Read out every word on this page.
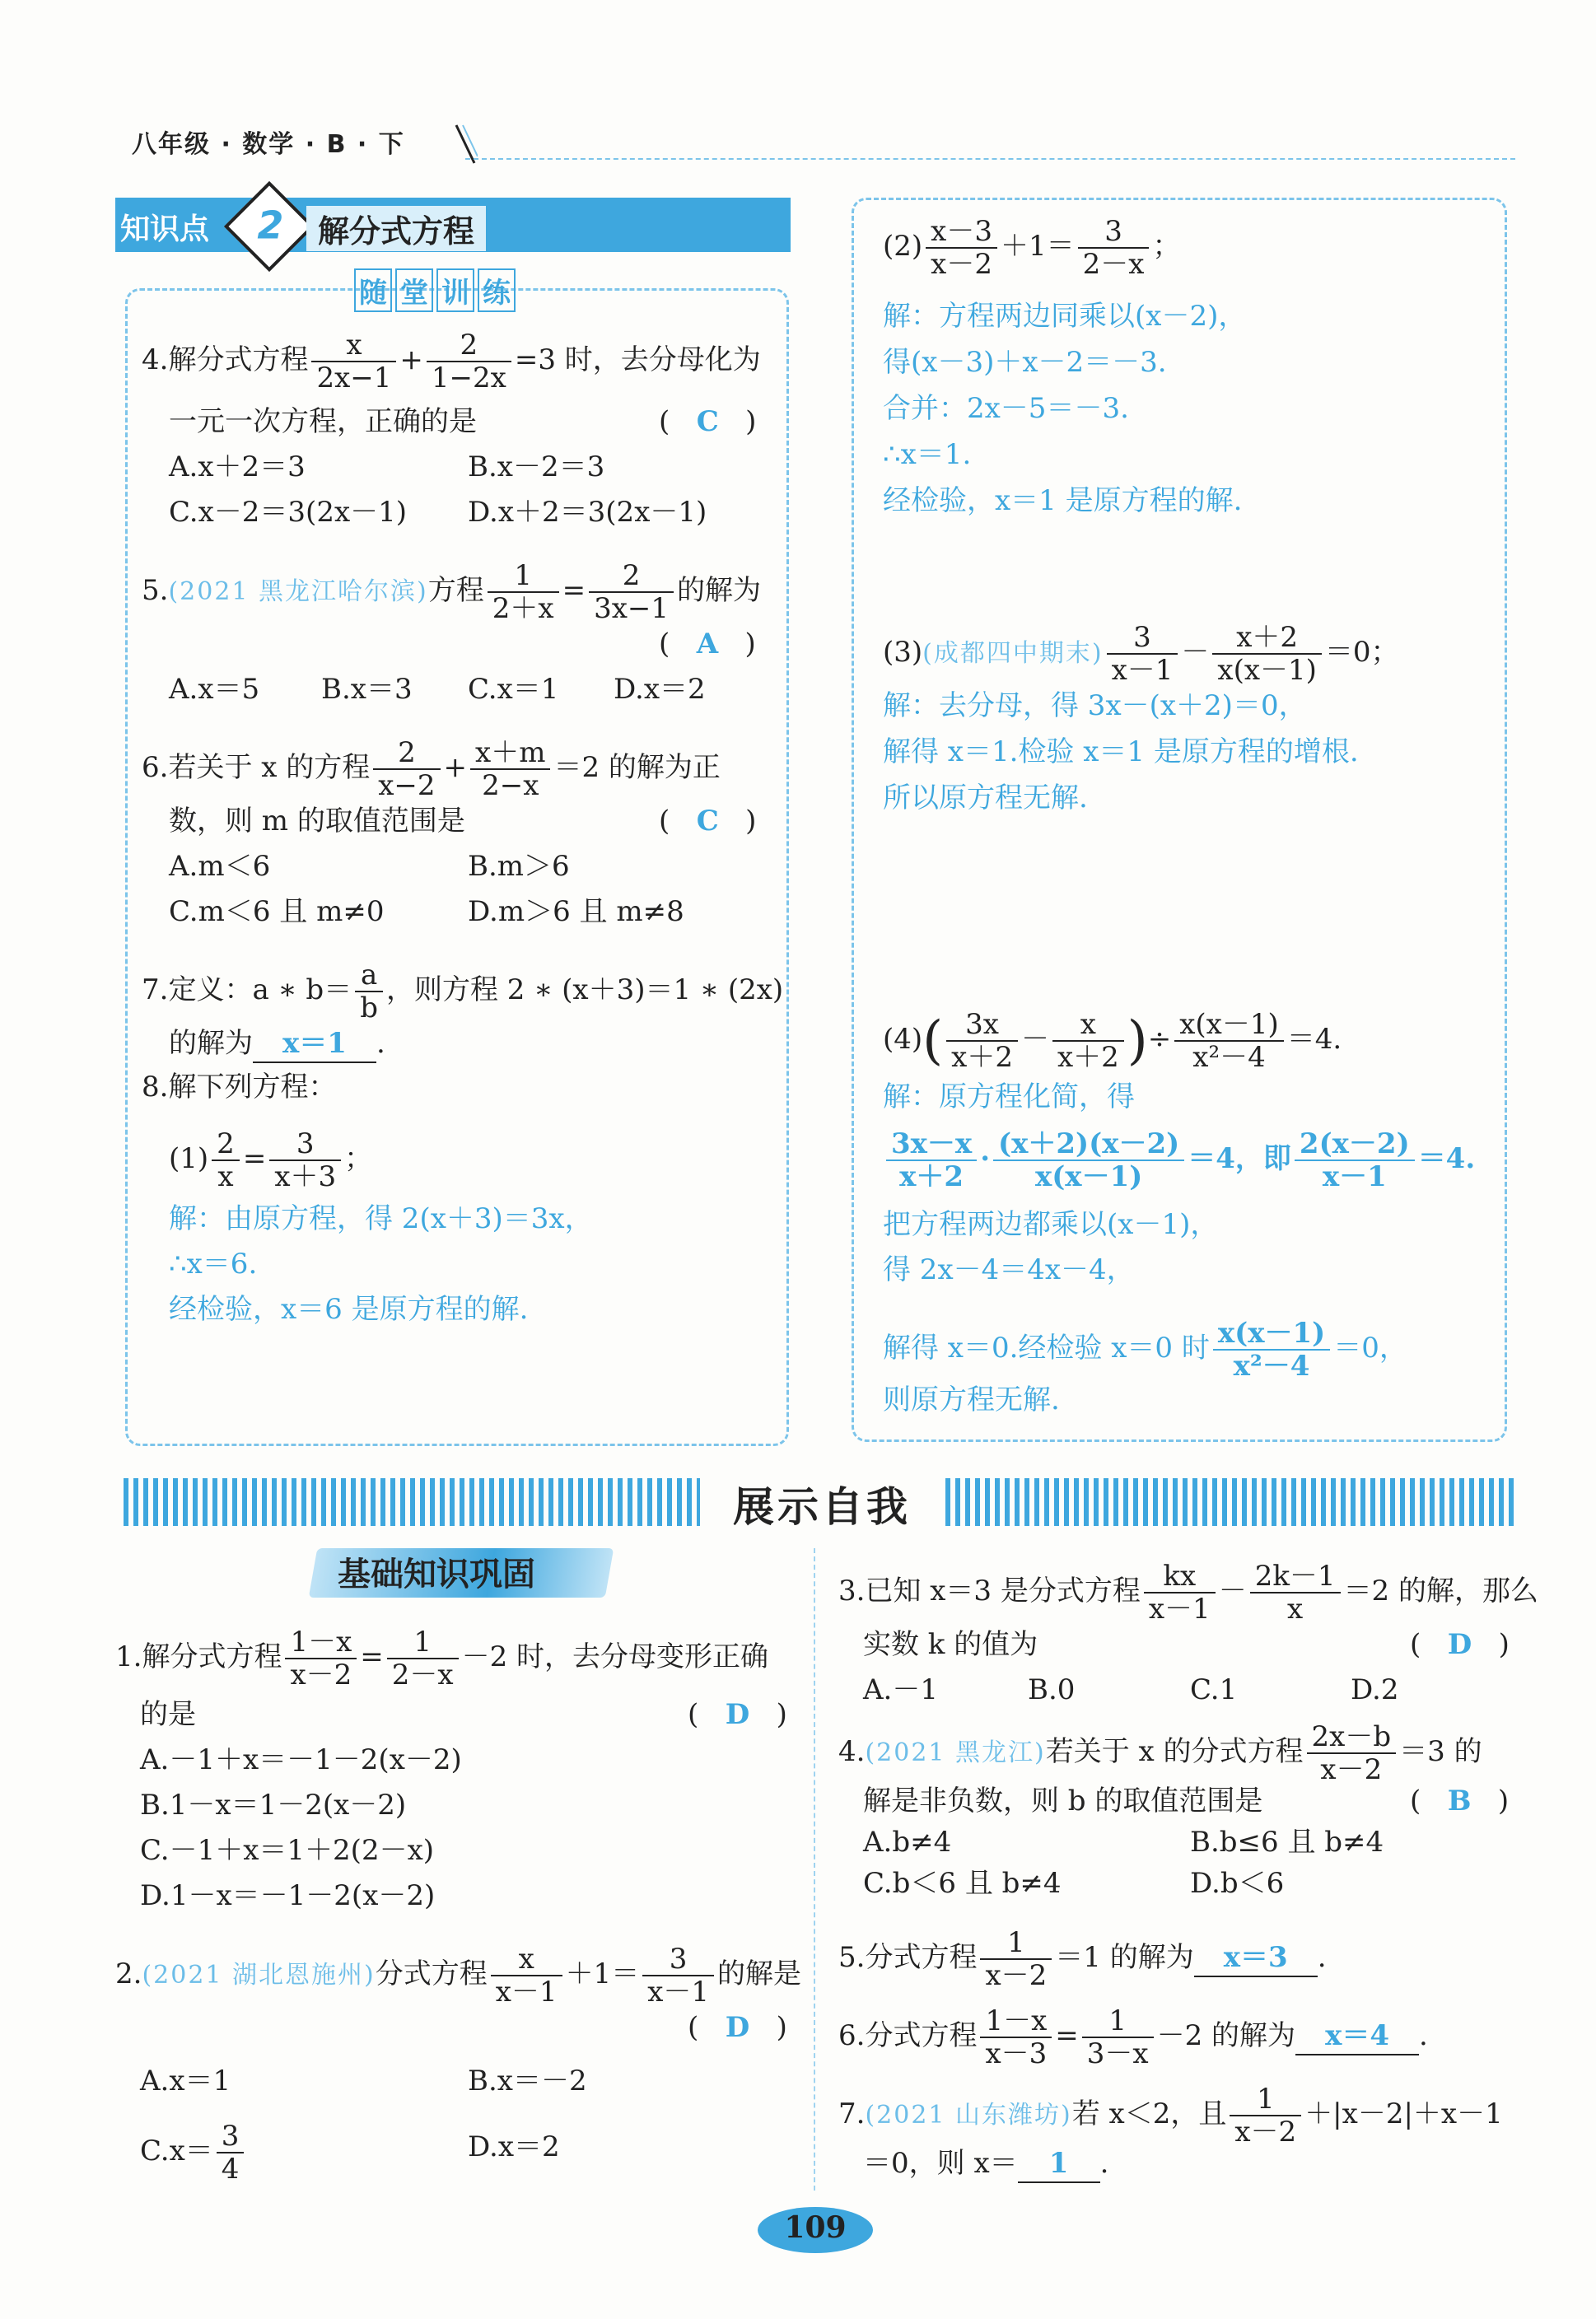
八年级 · 数学 · B · 下
知识点	2	解分式方程
随 堂 训 练
4.解分式方程 $\frac{x}{2x-1} + \frac{2}{1-2x} =3$ 时，去分母化为
一元一次方程，正确的是	(   C   )
A.x＋2＝3	B.x－2＝3
C.x－2＝3(2x－1) D.x＋2＝3(2x－1)
5.(2021 黑龙江哈尔滨)方程 $\frac{1}{2+x} = \frac{2}{3x-1}$ 的解为
(   A   )
A.x＝5 B.x＝3 C.x＝1 D.x＝2
6.若关于 x 的方程 $\frac{2}{x-2} + \frac{x+m}{2-x} =2$ 的解为正
数，则 m 的取值范围是	(   C   )
A.m＜6	B.m＞6
C.m＜6 且 m≠0	D.m＞6 且 m≠8
7.定义：a ∗ $b= \frac{a}{b}$ ，则方程 2 ∗ (x＋3)＝1 ∗ (2x)
的解为 x＝1 .
8.解下列方程：
$(1) \frac{2}{x} = \frac{3}{x+3}$ ；
解：由原方程，得 2(x＋3)＝3x，
∴x＝6.
经检验，x＝6 是原方程的解.
$(2) \frac{x-3}{x-2} +1= \frac{3}{2-x}$ ；
解：方程两边同乘以(x－2)，
得(x－3)＋x－2＝－3.
合并：2x－5＝－3.
∴x＝1.
经检验，x＝1 是原方程的解.
(3)(成都四中期末) $\frac{3}{x-1} - \frac{x+2}{x(x-1)} =0$；
解：去分母，得 3x－(x＋2)＝0，
解得 x＝1.检验 x＝1 是原方程的增根.
所以原方程无解.
$(4)( \frac{3x}{x+2} - \frac{x}{x+2}$ )÷ $\frac{x(x-1)}{\text{x²－4}} =4$.
解：原方程化简，得
$\frac{3x-x}{x+2} \cdot \frac{(x+2)(x-2)}{x(x-1)} =4$，即 $\frac{2(x-2)}{x-1} =4$.
把方程两边都乘以(x－1)，
得 2x－4＝4x－4，
解得 x＝0.经检验 x＝0 时 $\frac{x(x-1)}{\text{x²－4}} =0$，
则原方程无解.
展示自我
基础知识巩固
1.解分式方程 $\frac{1-x}{x-2} = \frac{1}{2-x} -2$ 时，去分母变形正确
的是	(   D   )
A.－1＋x＝－1－2(x－2)
B.1－x＝1－2(x－2)
C.－1＋x＝1＋2(2－x)
D.1－x＝－1－2(x－2)
2.(2021 湖北恩施州)分式方程 $\frac{x}{x-1} +1= \frac{3}{x-1}$ 的解是
(   D   )
A.x＝1	B.x＝－2
$C.x= \frac{3}{4}$	D.x＝2
3.已知 x＝3 是分式方程 $\frac{kx}{x-1} - \frac{2k-1}{x} =2$ 的解，那么
实数 k 的值为	(   D   )
A.－1	B.0	C.1	D.2
4.(2021 黑龙江)若关于 x 的分式方程 $\frac{2x-b}{x-2} =3$ 的
解是非负数，则 b 的取值范围是	(   B   )
A.b≠4	B.b≤6 且 b≠4
C.b＜6 且 b≠4	D.b＜6
5.分式方程 $\frac{1}{x-2} =1$ 的解为 x＝3 .
6.分式方程 $\frac{1-x}{x-3} = \frac{1}{3-x} -2$ 的解为 x＝4 .
7.(2021 山东潍坊)若 x＜2，且 $\frac{1}{x-2} +|x-2|+x-1$
＝0，则 x＝ 1 .
109
